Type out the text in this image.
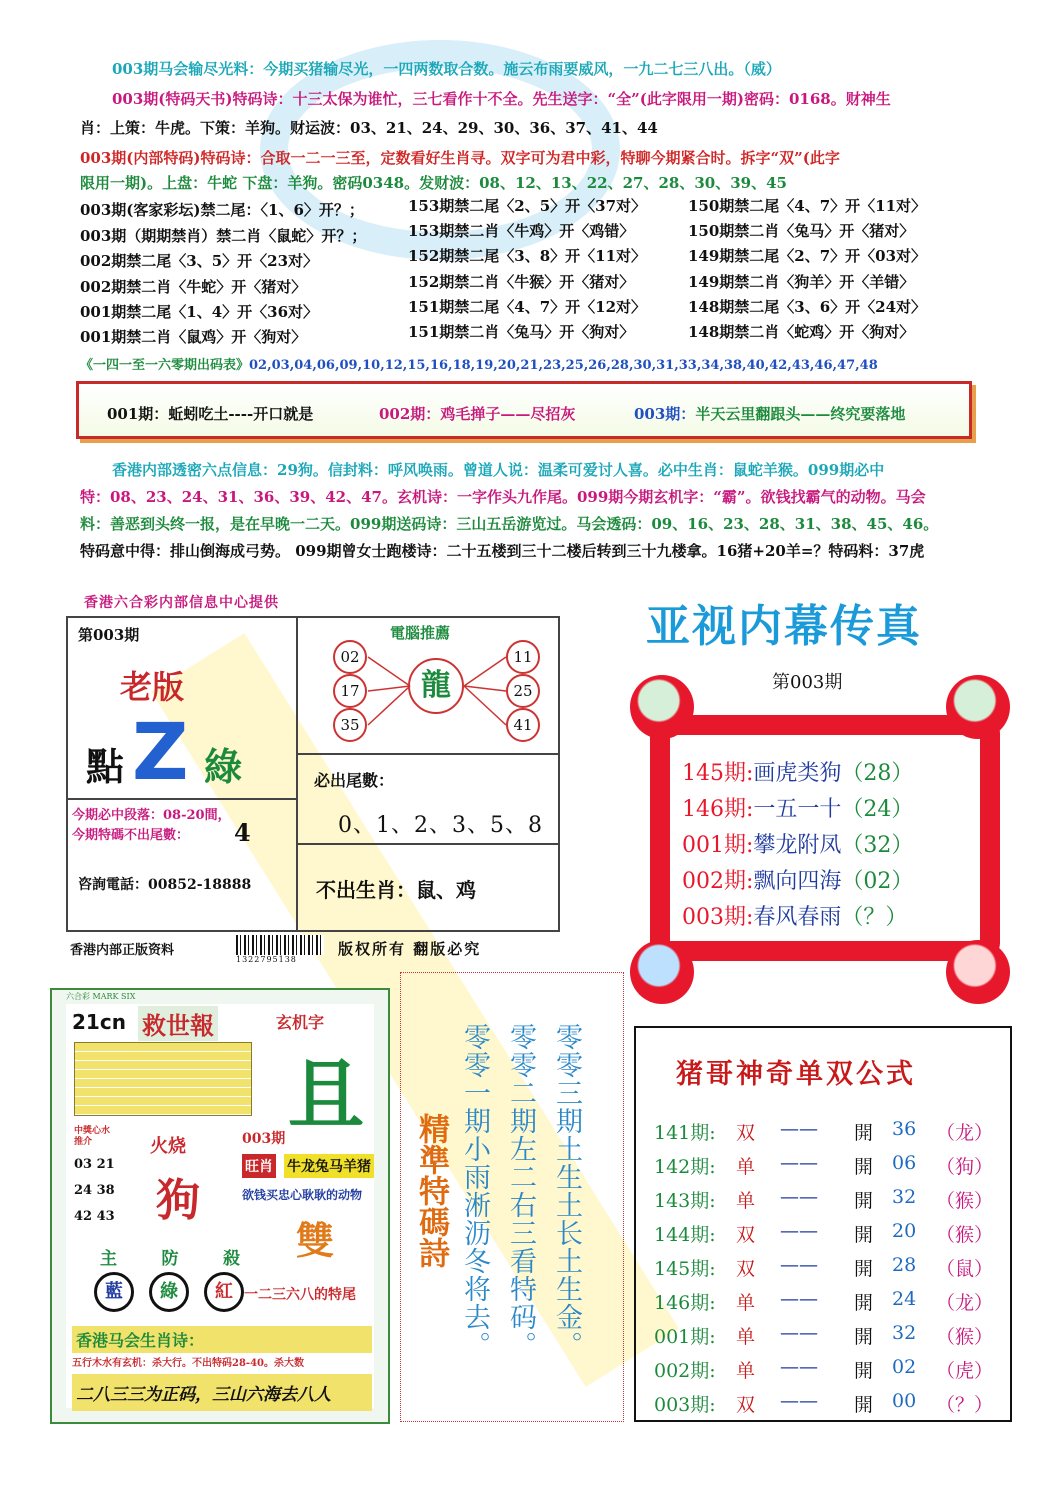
003期马会输尽光料：今期买猪输尽光，一四两数取合数。施云布雨要威风，一九二七三八出。（威）
003期(特码天书)特码诗：十三太保为谁忙，三七看作十不全。先生送字：“全”(此字限用一期)密码：0168。财神生
肖：上策：牛虎。下策：羊狗。财运波：03、21、24、29、30、36、37、41、44
003期(内部特码)特码诗：合取一二一三至，定数看好生肖寻。双字可为君中彩，特聊今期紧合时。拆字“双”(此字
限用一期)。上盘：牛蛇 下盘：羊狗。密码0348。发财波：08、12、13、22、27、28、30、39、45
003期(客家彩坛)禁二尾：〈1、6〉开？；	153期禁二尾〈2、5〉开〈37对〉	150期禁二尾〈4、7〉开〈11对〉
003期（期期禁肖）禁二肖〈鼠蛇〉开？；	153期禁二肖〈牛鸡〉开〈鸡错〉	150期禁二肖〈兔马〉开〈猪对〉
002期禁二尾〈3、5〉开〈23对〉	152期禁二尾〈3、8〉开〈11对〉	149期禁二尾〈2、7〉开〈03对〉
002期禁二肖〈牛蛇〉开〈猪对〉	152期禁二肖〈牛猴〉开〈猪对〉	149期禁二肖〈狗羊〉开〈羊错〉
001期禁二尾〈1、4〉开〈36对〉	151期禁二尾〈4、7〉开〈12对〉	148期禁二尾〈3、6〉开〈24对〉
001期禁二肖〈鼠鸡〉开〈狗对〉	151期禁二肖〈兔马〉开〈狗对〉	148期禁二肖〈蛇鸡〉开〈狗对〉
《一四一至一六零期出码表》02,03,04,06,09,10,12,15,16,18,19,20,21,23,25,26,28,30,31,33,34,38,40,42,43,46,47,48
001期：蚯蚓吃土----开口就是	002期：鸡毛掸子——尽招灰	003期：半天云里翻跟头——终究要落地
香港内部透密六点信息：29狗。信封料：呼风唤雨。曾道人说：温柔可爱讨人喜。必中生肖：鼠蛇羊猴。099期必中
特：08、23、24、31、36、39、42、47。玄机诗：一字作头九作尾。099期今期玄机字：“霸”。欲钱找霸气的动物。马会
料：善恶到头终一报，是在早晚一二天。099期送码诗：三山五岳游览过。马会透码：09、16、23、28、31、38、45、46。
特码意中得：排山倒海成弓势。 099期曾女士跑楼诗：二十五楼到三十二楼后转到三十九楼拿。16猪+20羊=？特码料：37虎
香港六合彩内部信息中心提供
第003期
老版
點 Z 綠
今期必中段落：08-20間，
今期特碼不出尾數： 4
咨詢電話：00852-18888
電腦推薦
02
17
35
龍
11
25
41
必出尾數：
0、1、2、3、5、8
不出生肖：鼠、鸡
香港内部正版资料
1322795138
版权所有 翻版必究
亚视内幕传真
第003期
145期:画虎类狗（28）
146期:一五一十（24）
001期:攀龙附凤（32）
002期:飘向四海（02）
003期:春风春雨（？）
六合彩 MARK SIX
21cn 救世報	玄机字
且
中獎心水 推介
03 21
24 38
42 43
火烧
狗
003期
旺肖 牛龙兔马羊猪
欲钱买忠心耿耿的动物
雙
主	防	殺
藍	綠	紅 一二三六八的特尾
香港马会生肖诗：
五行木水有玄机：杀大行。不出特码28-40。杀大数
二八三三为正码，三山六海去八人
零零三期土生土长土生金。
零零二期左二右三看特码。
零零一期小雨淅沥冬将去。
精準特碼詩
猪哥神奇单双公式
141期: 双 —— 開 36 （龙）
142期: 单 —— 開 06 （狗）
143期: 单 —— 開 32 （猴）
144期: 双 —— 開 20 （猴）
145期: 双 —— 開 28 （鼠）
146期: 单 —— 開 24 （龙）
001期: 单 —— 開 32 （猴）
002期: 单 —— 開 02 （虎）
003期: 双 —— 開 00 （？）
